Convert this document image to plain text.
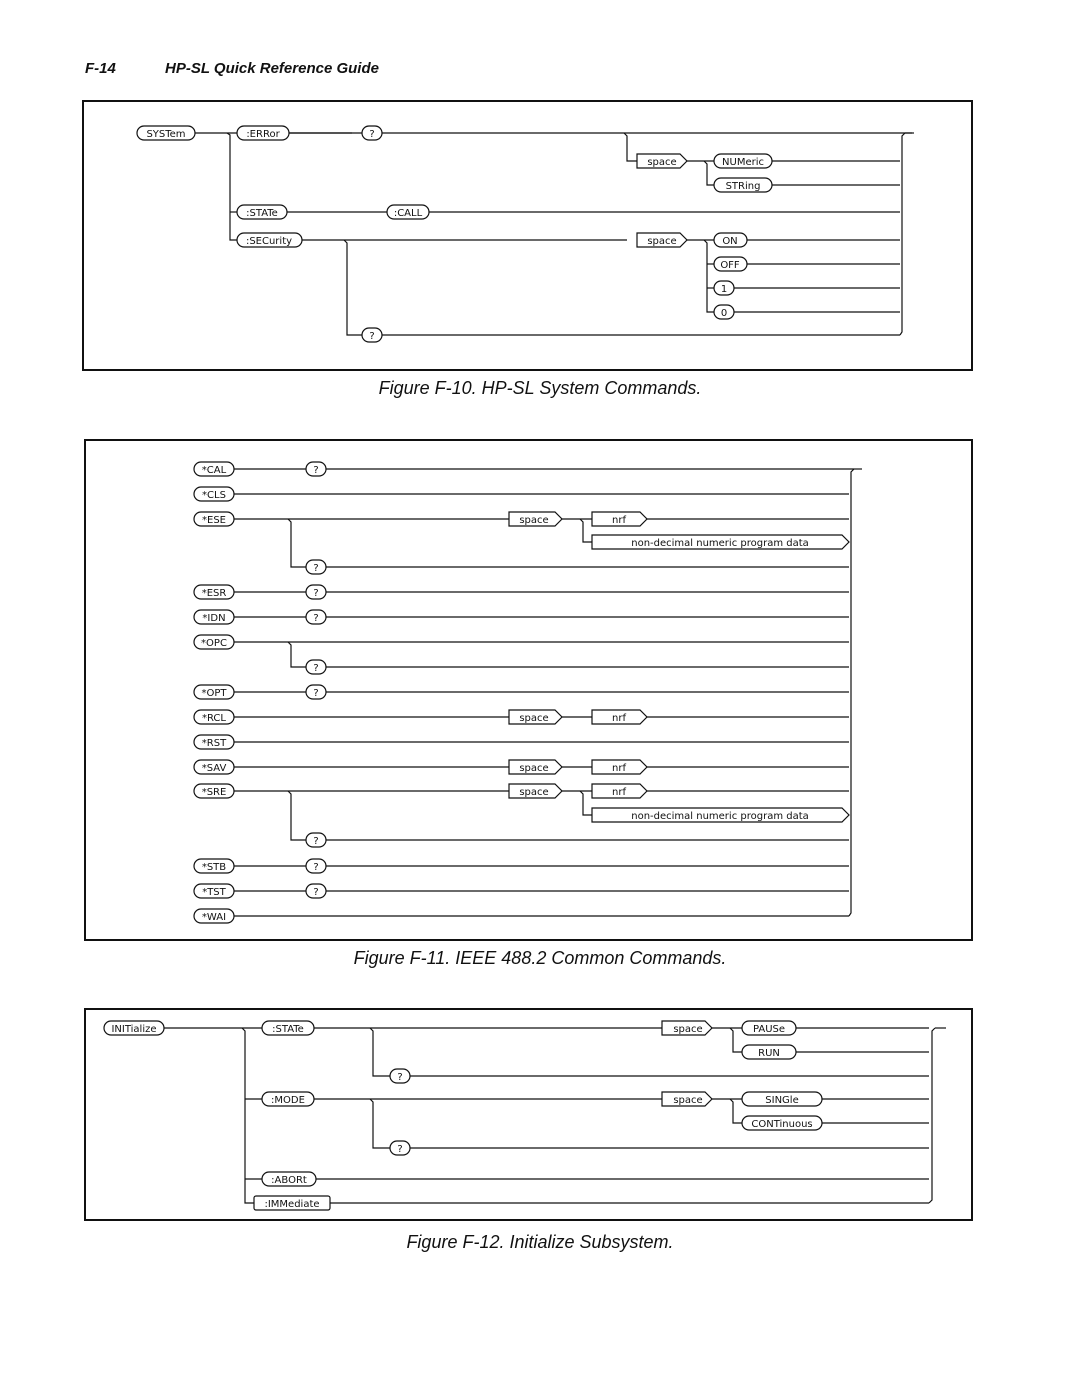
F-14	HP-SL Quick Reference Guide
SYSTem	:ERRor	?
space	NUMeric
STRing
:STATe	:CALL
:SECurity	space	ON
OFF
1
0
?
Figure F-10. HP-SL System Commands.
*CAL	?
*CLS
*ESE	space	nrf
non-decimal numeric program data
?
*ESR	?
*IDN	?
*OPC
?
*OPT	?
*RCL	space	nrf
*RST
*SAV	space	nrf
*SRE	space	nrf
non-decimal numeric program data
?
*STB	?
*TST	?
*WAI
Figure F-11. IEEE 488.2 Common Commands.
INITialize	:STATe	space	PAUSe
RUN
?
:MODE	space	SINGle
CONTinuous
?
:ABORt
:IMMediate
Figure F-12. Initialize Subsystem.
